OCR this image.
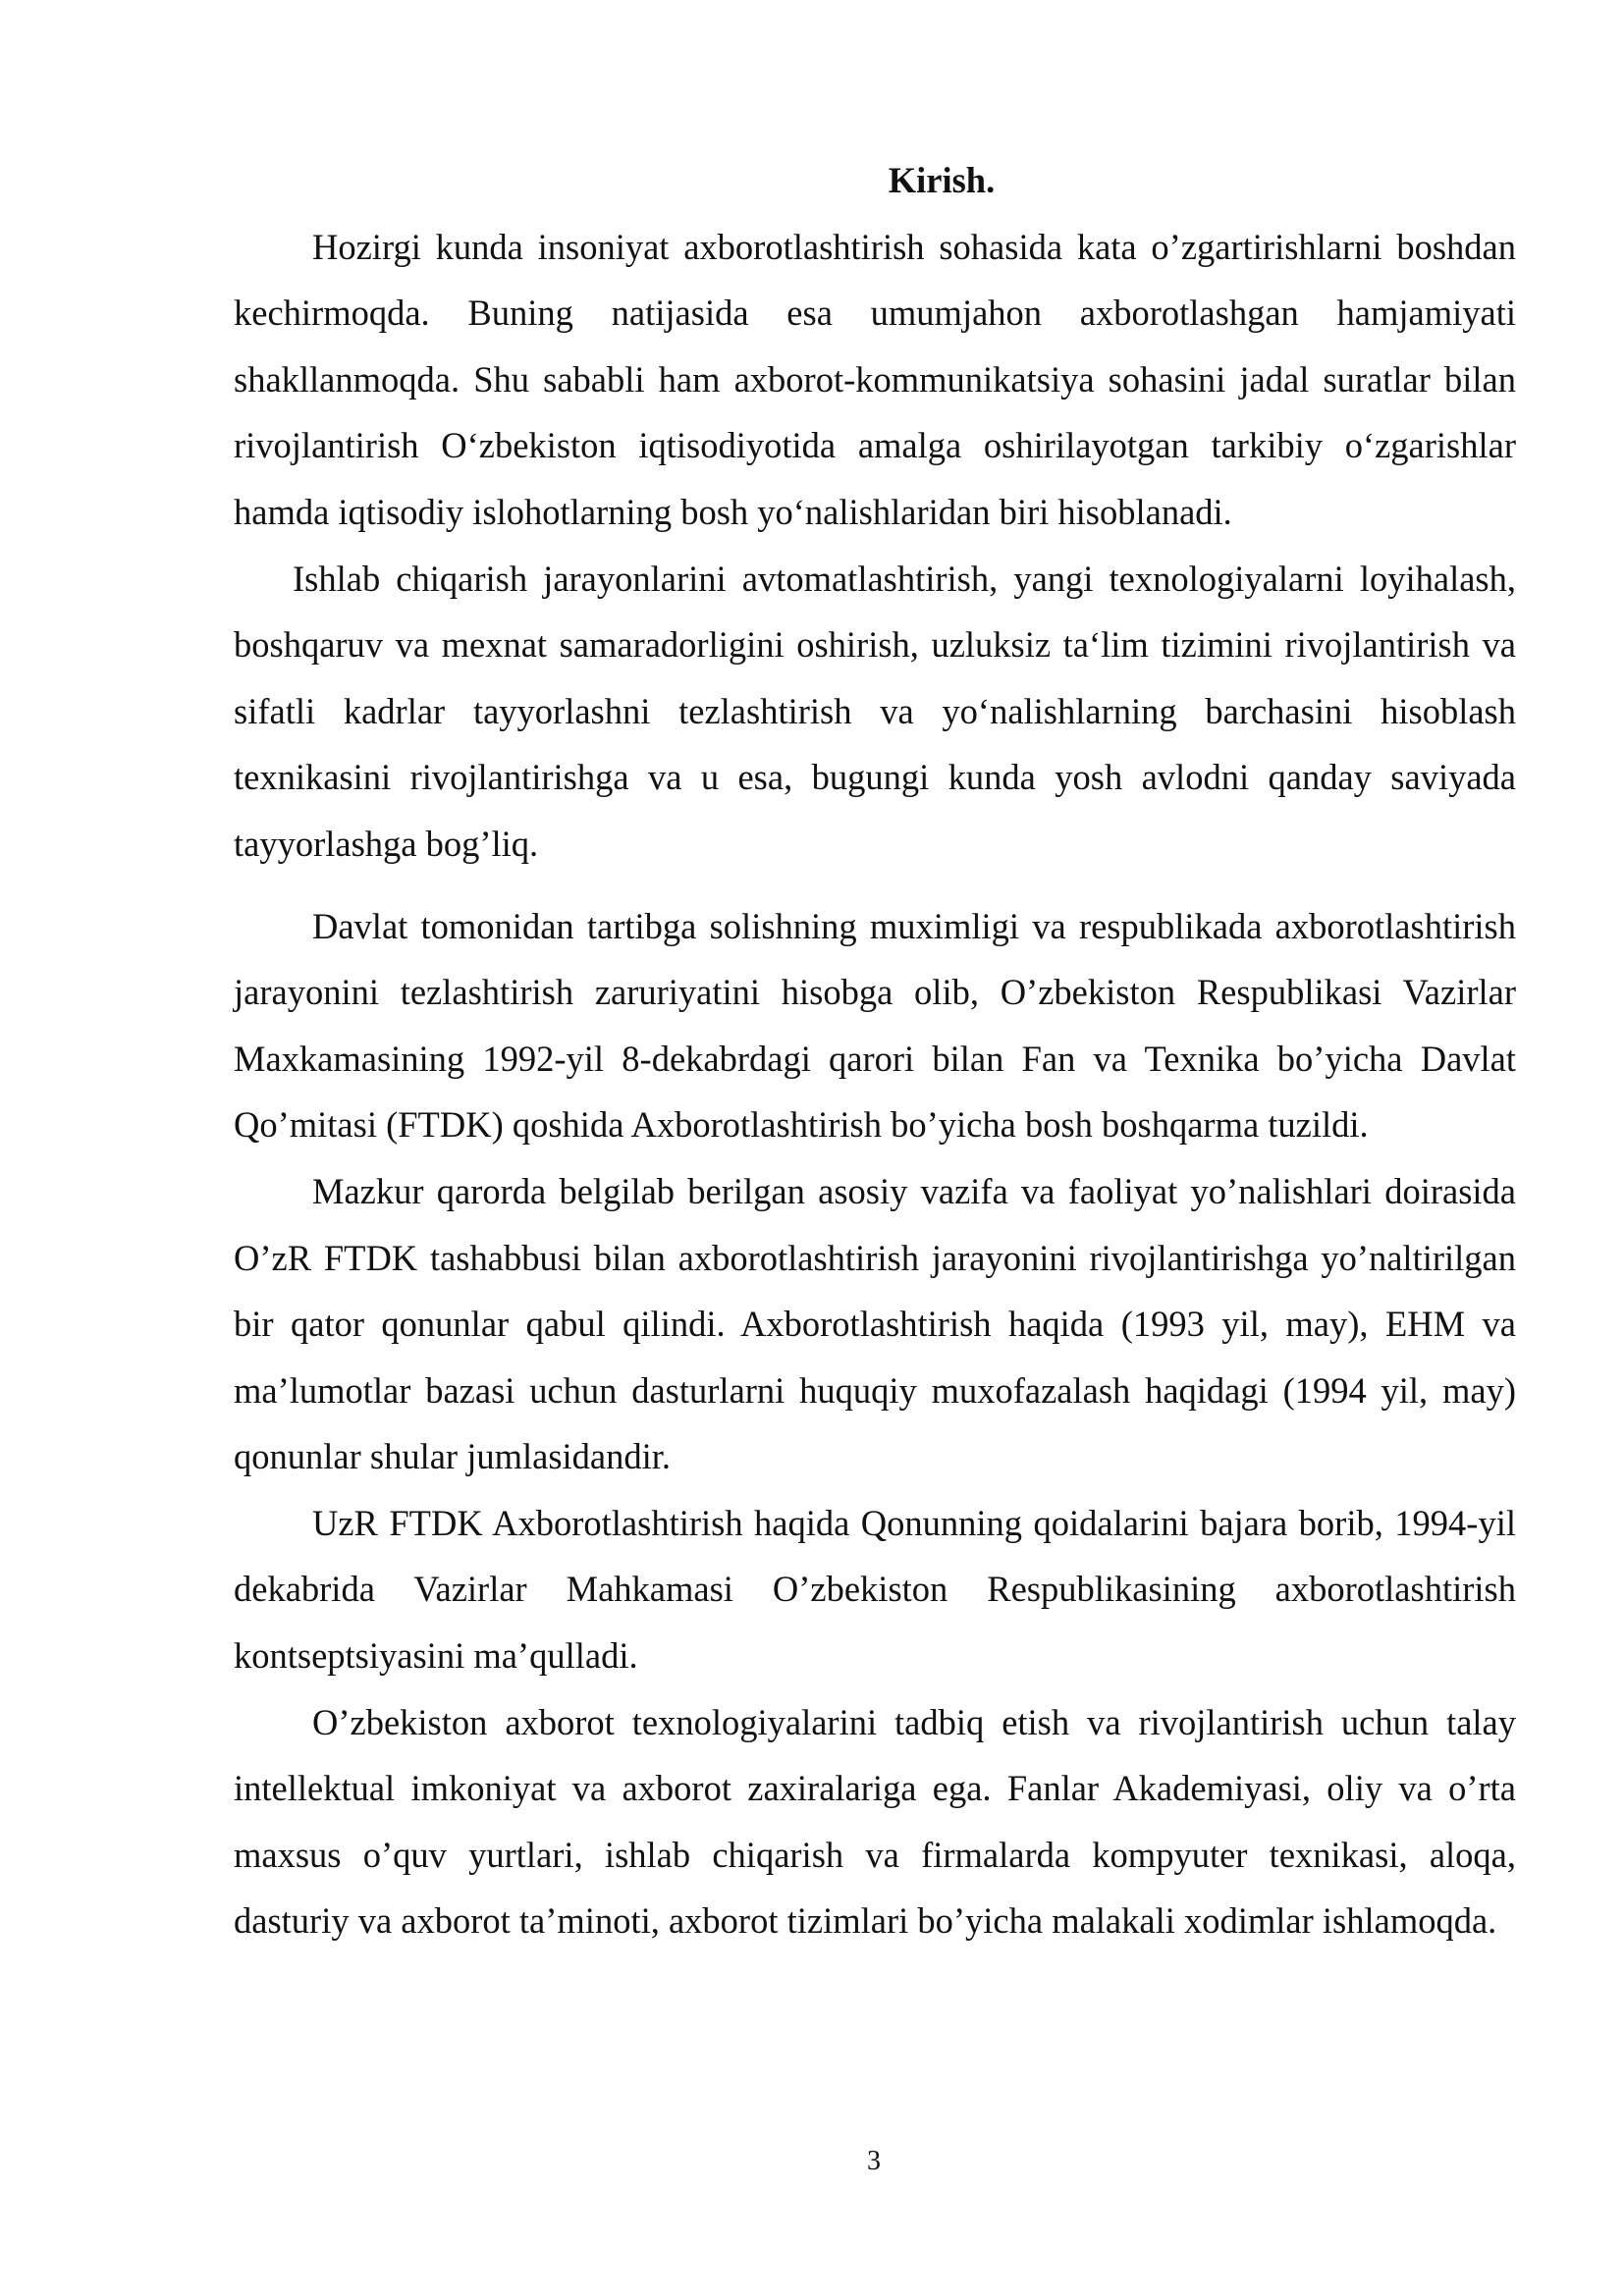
Kirish.

Hozirgi kunda insoniyat axborotlashtirish sohasida kata o’zgartirishlarni boshdan kechirmoqda. Buning natijasida esa umumjahon axborotlashgan hamjamiyati shakllanmoqda. Shu sababli ham axborot-kommunikatsiya sohasini jadal suratlar bilan rivojlantirish O‘zbekiston iqtisodiyotida amalga oshirilayotgan tarkibiy o‘zgarishlar hamda iqtisodiy islohotlarning bosh yo‘nalishlaridan biri hisoblanadi.

Ishlab chiqarish jarayonlarini avtomatlashtirish, yangi texnologiyalarni loyihalash, boshqaruv va mexnat samaradorligini oshirish, uzluksiz ta‘lim tizimini rivojlantirish va sifatli kadrlar tayyorlashni tezlashtirish va yo‘nalishlarning barchasini hisoblash texnikasini rivojlantirishga va u esa, bugungi kunda yosh avlodni qanday saviyada tayyorlashga bog’liq.

Davlat tomonidan tartibga solishning muximligi va respublikada axborotlashtirish jarayonini tezlashtirish zaruriyatini hisobga olib, O’zbekiston Respublikasi Vazirlar Maxkamasining 1992-yil 8-dekabrdagi qarori bilan Fan va Texnika bo’yicha Davlat Qo’mitasi (FTDK) qoshida Axborotlashtirish bo’yicha bosh boshqarma tuzildi.

Mazkur qarorda belgilab berilgan asosiy vazifa va faoliyat yo’nalishlari doirasida O’zR FTDK tashabbusi bilan axborotlashtirish jarayonini rivojlantirishga yo’naltirilgan bir qator qonunlar qabul qilindi. Axborotlashtirish haqida (1993 yil, may), EHM va ma’lumotlar bazasi uchun dasturlarni huquqiy muxofazalash haqidagi (1994 yil, may) qonunlar shular jumlasidandir.

UzR FTDK Axborotlashtirish haqida Qonunning qoidalarini bajara borib, 1994-yil dekabrida Vazirlar Mahkamasi O’zbekiston Respublikasining axborotlashtirish kontseptsiyasini ma’qulladi.

O’zbekiston axborot texnologiyalarini tadbiq etish va rivojlantirish uchun talay intellektual imkoniyat va axborot zaxiralariga ega. Fanlar Akademiyasi, oliy va o’rta maxsus o’quv yurtlari, ishlab chiqarish va firmalarda kompyuter texnikasi, aloqa, dasturiy va axborot ta’minoti, axborot tizimlari bo’yicha malakali xodimlar ishlamoqda.

3
